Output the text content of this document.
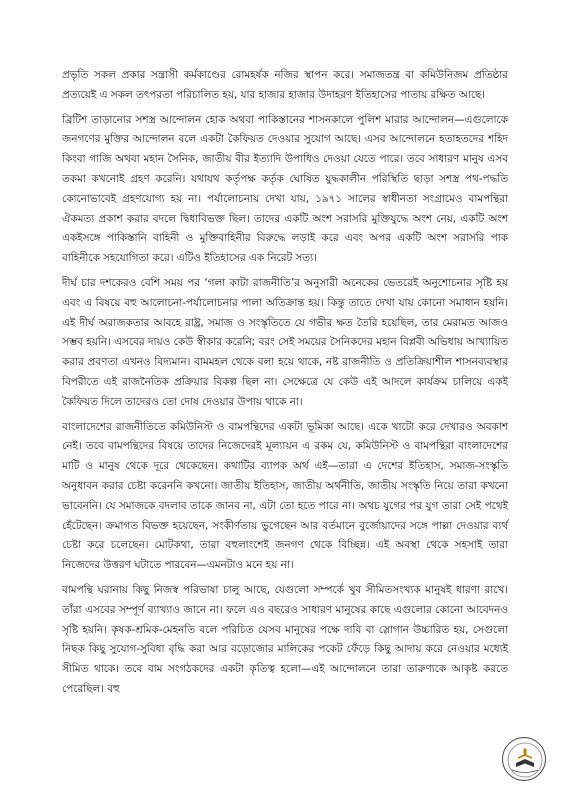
প্রভৃতি সকল প্রকার সন্ত্রাসী কর্মকাণ্ডের রোমহর্ষক নজির স্থাপন করে। সমাজতন্ত্র বা কমিউনিজম প্রতিষ্ঠার প্রত্যয়েই এ সকল তৎপরতা পরিচালিত হয়, যার হাজার হাজার উদাহরণ ইতিহাসের পাতায় রক্ষিত আছে।

ব্রিটিশ তাড়ানোর সশস্ত্র আন্দোলন হোক অথবা পাকিস্তানের শাসনকালে পুলিশ মারার আন্দোলন—এগুলোকে জনগণের মুক্তির আন্দোলন বলে একটা কৈফিয়ত দেওয়ার সুযোগ আছে। এসব আন্দোলনে হতাহতদের শহিদ কিংবা গাজি অথবা মহান সৈনিক, জাতীয় বীর ইত্যাদি উপাধিও দেওয়া যেতে পারে। তবে সাধারণ মানুষ এসব তকমা কখনোই গ্রহণ করেনি। যথাযথ কর্তৃপক্ষ কর্তৃক ঘোষিত যুদ্ধকালীন পরিস্থিতি ছাড়া সশস্ত্র পথ-পদ্ধতি কোনোভাবেই গ্রহণযোগ্য হয় না। পর্যালোচনায় দেখা যায়, ১৯৭১ সালের স্বাধীনতা সংগ্রামেও বামপন্থিরা ঐকমত্য প্রকাশ করার বদলে দ্বিধাবিভক্ত ছিল। তাদের একটি অংশ সরাসরি মুক্তিযুদ্ধে অংশ নেয়, একটি অংশ একইসঙ্গে পাকিস্তানি বাহিনী ও মুক্তিবাহিনীর বিরুদ্ধে লড়াই করে এবং অপর একটি অংশ সরাসরি পাক বাহিনীকে সহযোগিতা করে। এটিও ইতিহাসের এক নিরেট সত্য।

দীর্ঘ চার দশকেরও বেশি সময় পর ‘গলা কাটা রাজনীতি’র অনুসারী অনেকের ভেতরেই অনুশোচনার সৃষ্টি হয় এবং এ বিষয়ে বহু আলোচনা-পর্যালোচনার পালা অতিক্রান্ত হয়। কিন্তু তাতে দেখা যায় কোনো সমাধান হয়নি। এই দীর্ঘ অরাজকতার আবহে রাষ্ট্র, সমাজ ও সংস্কৃতিতে যে গভীর ক্ষত তৈরি হয়েছিল, তার মেরামত আজও সম্ভব হয়নি। এসবের দায়ও কেউ স্বীকার করেনি; বরং সেই সময়ের সৈনিকদের মহান বিপ্লবী অভিধায় আখ্যায়িত করার প্রবণতা এখনও বিদ্যমান। বামমহল থেকে বলা হয়ে থাকে, নষ্ট রাজনীতি ও প্রতিক্রিয়াশীল শাসনব্যবস্থার বিপরীতে এই রাজনৈতিক প্রক্রিয়ার বিকল্প ছিল না। সেক্ষেত্রে যে কেউ এই আদলে কার্যক্রম চালিয়ে একই কৈফিয়ত দিলে তাদেরও তো দোষ দেওয়ার উপায় থাকে না।

বাংলাদেশের রাজনীতিতে কমিউনিস্ট ও বামপন্থিদের একটা ভূমিকা আছে। একে খাটো করে দেখারও অবকাশ নেই। তবে বামপন্থিদের বিষয়ে তাদের নিজেদেরই মূল্যায়ন এ রকম যে, কমিউনিস্ট ও বামপন্থিরা বাংলাদেশের মাটি ও মানুষ থেকে দূরে থেকেছেন। কথাটির ব্যাপক অর্থ এই—তারা এ দেশের ইতিহাস, সমাজ-সংস্কৃতি অনুধাবন করার চেষ্টা করেননি কখনো। জাতীয় ইতিহাস, জাতীয় অর্থনীতি, জাতীয় সংস্কৃতি নিয়ে তারা কখনো ভাবেননি। যে সমাজকে বদলাব তাকে জানব না, এটা তো হতে পারে না। অথচ যুগের পর যুগ তারা সেই পথেই হেঁটেছেন। ক্রমাগত বিভক্ত হয়েছেন, সংকীর্ণতায় ভুগেছেন আর বর্তমানে বুর্জোয়াদের সঙ্গে পাল্লা দেওয়ার ব্যর্থ চেষ্টা করে চলেছেন। মোটকথা, তারা বহুলাংশেই জনগণ থেকে বিচ্ছিন্ন। এই অবস্থা থেকে সহসাই তারা নিজেদের উত্তরণ ঘটাতে পারবেন—এমনটাও মনে হয় না।

বামপন্থি ঘরানায় কিছু নিজস্ব পরিভাষা চালু আছে, যেগুলো সম্পর্কে খুব সীমিতসংখ্যক মানুষই ধারণা রাখে। তাঁরা এসবের সম্পূর্ণ ব্যাখ্যাও জানে না। ফলে এও বছরেও সাধারণ মানুষের কাছে এগুলোর কোনো আবেদনও সৃষ্টি হয়নি। কৃষক-শ্রমিক-মেহনতি বলে পরিচিত যেসব মানুষের পক্ষে দাবি বা স্লোগান উচ্চারিত হয়, সেগুলো নিছক কিছু সুযোগ-সুবিধা বৃদ্ধি করা আর বড়োজোর মালিকের পকেট ফেঁড়ে কিছু আদায় করে নেওয়ার মধ্যেই সীমিত থাকে। তবে বাম সংগঠকদের একটা কৃতিত্ব হলো—এই আন্দোলনে তারা তারুণ্যকে আকৃষ্ট করতে পেরেছিল। বহু
